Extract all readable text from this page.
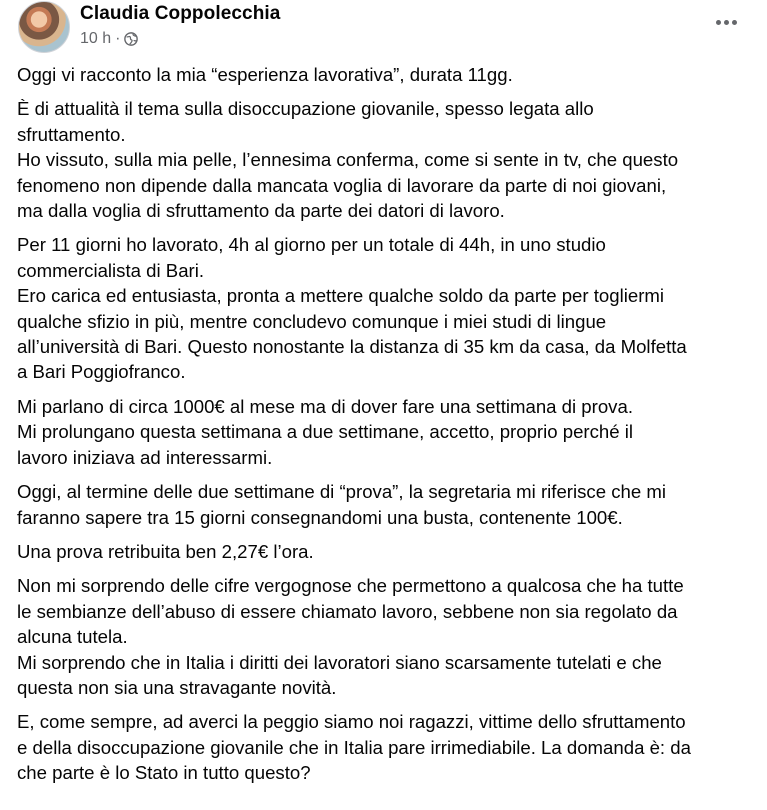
Claudia Coppolecchia
10 h ·
Oggi vi racconto la mia “esperienza lavorativa”, durata 11gg.
È di attualità il tema sulla disoccupazione giovanile, spesso legata allo
sfruttamento.
Ho vissuto, sulla mia pelle, l’ennesima conferma, come si sente in tv, che questo
fenomeno non dipende dalla mancata voglia di lavorare da parte di noi giovani,
ma dalla voglia di sfruttamento da parte dei datori di lavoro.
Per 11 giorni ho lavorato, 4h al giorno per un totale di 44h, in uno studio
commercialista di Bari.
Ero carica ed entusiasta, pronta a mettere qualche soldo da parte per togliermi
qualche sfizio in più, mentre concludevo comunque i miei studi di lingue
all’università di Bari. Questo nonostante la distanza di 35 km da casa, da Molfetta
a Bari Poggiofranco.
Mi parlano di circa 1000€ al mese ma di dover fare una settimana di prova.
Mi prolungano questa settimana a due settimane, accetto, proprio perché il
lavoro iniziava ad interessarmi.
Oggi, al termine delle due settimane di “prova”, la segretaria mi riferisce che mi
faranno sapere tra 15 giorni consegnandomi una busta, contenente 100€.
Una prova retribuita ben 2,27€ l’ora.
Non mi sorprendo delle cifre vergognose che permettono a qualcosa che ha tutte
le sembianze dell’abuso di essere chiamato lavoro, sebbene non sia regolato da
alcuna tutela.
Mi sorprendo che in Italia i diritti dei lavoratori siano scarsamente tutelati e che
questa non sia una stravagante novità.
E, come sempre, ad averci la peggio siamo noi ragazzi, vittime dello sfruttamento
e della disoccupazione giovanile che in Italia pare irrimediabile. La domanda è: da
che parte è lo Stato in tutto questo?
